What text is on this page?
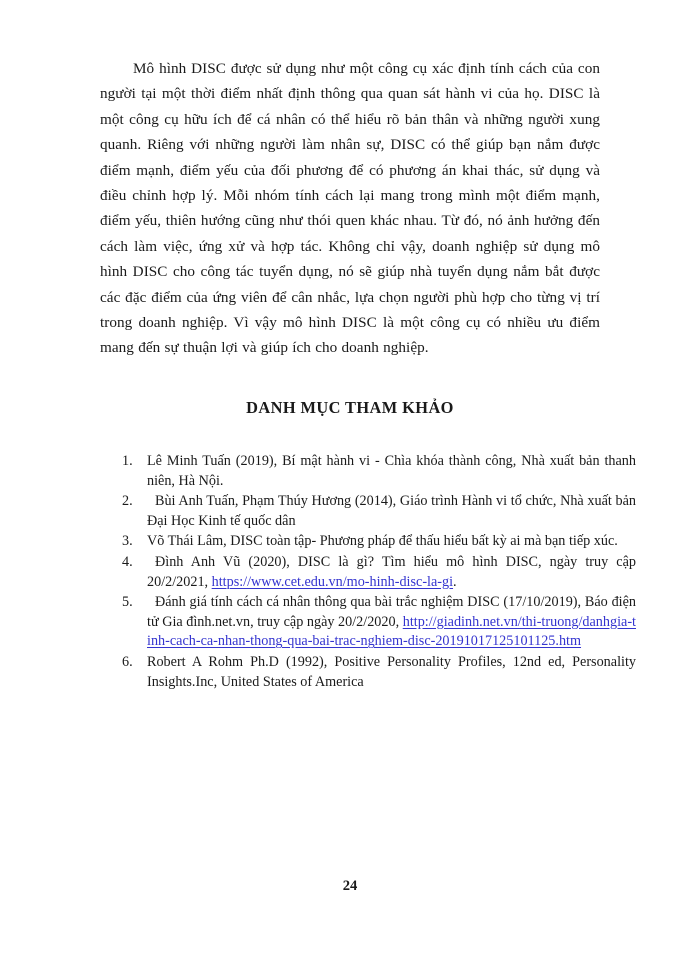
Mô hình DISC được sử dụng như một công cụ xác định tính cách của con người tại một thời điểm nhất định thông qua quan sát hành vi của họ. DISC là một công cụ hữu ích để cá nhân có thể hiểu rõ bản thân và những người xung quanh. Riêng với những người làm nhân sự, DISC có thể giúp bạn nắm được điểm mạnh, điểm yếu của đối phương để có phương án khai thác, sử dụng và điều chỉnh hợp lý. Mỗi nhóm tính cách lại mang trong mình một điểm mạnh, điểm yếu, thiên hướng cũng như thói quen khác nhau. Từ đó, nó ảnh hưởng đến cách làm việc, ứng xử và hợp tác. Không chỉ vậy, doanh nghiệp sử dụng mô hình DISC cho công tác tuyển dụng, nó sẽ giúp nhà tuyển dụng nắm bắt được các đặc điểm của ứng viên để cân nhắc, lựa chọn người phù hợp cho từng vị trí trong doanh nghiệp. Vì vậy mô hình DISC là một công cụ có nhiều ưu điểm mang đến sự thuận lợi và giúp ích cho doanh nghiệp.

DANH MỤC THAM KHẢO
1.	Lê Minh Tuấn (2019), Bí mật hành vi - Chìa khóa thành công, Nhà xuất bản thanh niên, Hà Nội.
2.	Bùi Anh Tuấn, Phạm Thúy Hương (2014), Giáo trình Hành vi tổ chức, Nhà xuất bản Đại Học Kinh tế quốc dân
3.	Võ Thái Lâm, DISC toàn tập- Phương pháp để thấu hiểu bất kỳ ai mà bạn tiếp xúc.
4.	Đình Anh Vũ (2020), DISC là gì? Tìm hiểu mô hình DISC, ngày truy cập 20/2/2021, https://www.cet.edu.vn/mo-hinh-disc-la-gi.
5.	Đánh giá tính cách cá nhân thông qua bài trắc nghiệm DISC (17/10/2019), Báo điện tử Gia đình.net.vn, truy cập ngày 20/2/2020, http://giadinh.net.vn/thi-truong/danhgia-tinh-cach-ca-nhan-thong-qua-bai-trac-nghiem-disc-20191017125101125.htm
6.	Robert A Rohm Ph.D (1992), Positive Personality Profiles, 12nd ed, Personality Insights.Inc, United States of America
24
